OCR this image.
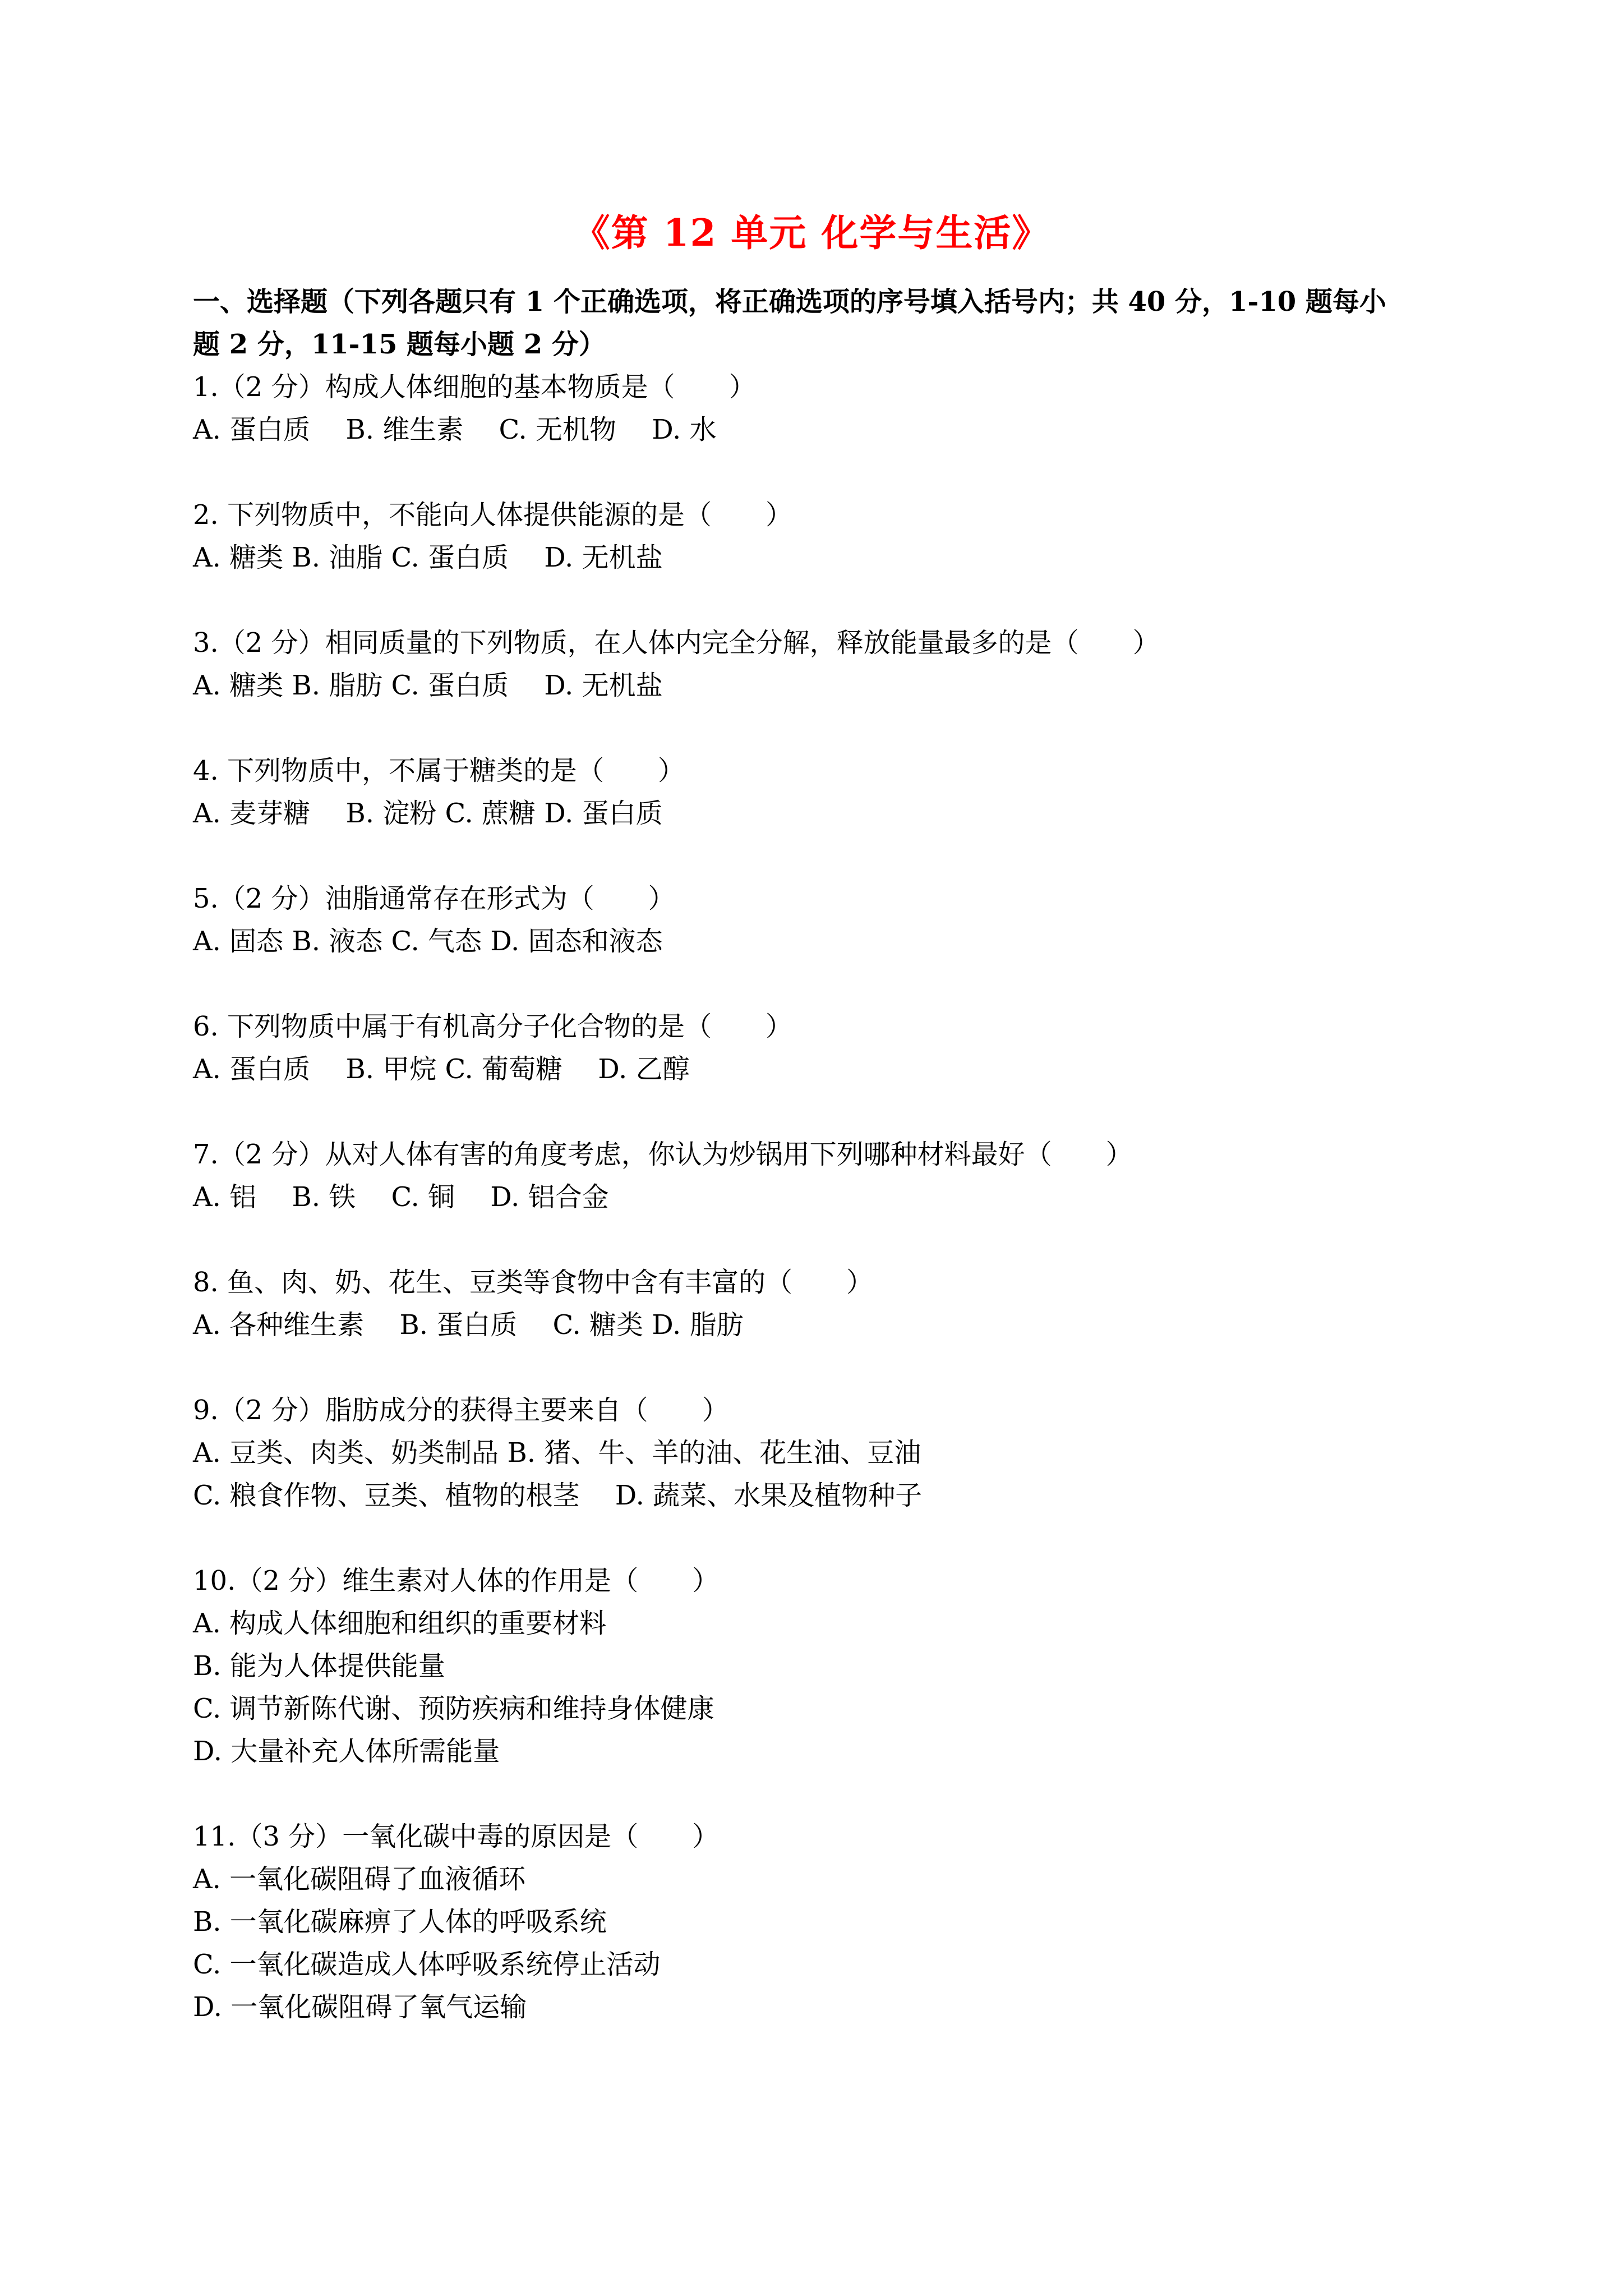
《第 12 单元 化学与生活》
一、选择题（下列各题只有 1 个正确选项，将正确选项的序号填入括号内；共 40 分，1-10 题每小
题 2 分，11-15 题每小题 2 分）
1.（2 分）构成人体细胞的基本物质是（　　）
A. 蛋白质　 B. 维生素　 C. 无机物　 D. 水
2. 下列物质中，不能向人体提供能源的是（　　）
A. 糖类 B. 油脂 C. 蛋白质　 D. 无机盐
3.（2 分）相同质量的下列物质，在人体内完全分解，释放能量最多的是（　　）
A. 糖类 B. 脂肪 C. 蛋白质　 D. 无机盐
4. 下列物质中，不属于糖类的是（　　）
A. 麦芽糖　 B. 淀粉 C. 蔗糖 D. 蛋白质
5.（2 分）油脂通常存在形式为（　　）
A. 固态 B. 液态 C. 气态 D. 固态和液态
6. 下列物质中属于有机高分子化合物的是（　　）
A. 蛋白质　 B. 甲烷 C. 葡萄糖　 D. 乙醇
7.（2 分）从对人体有害的角度考虑，你认为炒锅用下列哪种材料最好（　　）
A. 铝　 B. 铁　 C. 铜　 D. 铝合金
8. 鱼、肉、奶、花生、豆类等食物中含有丰富的（　　）
A. 各种维生素　 B. 蛋白质　 C. 糖类 D. 脂肪
9.（2 分）脂肪成分的获得主要来自（　　）
A. 豆类、肉类、奶类制品 B. 猪、牛、羊的油、花生油、豆油
C. 粮食作物、豆类、植物的根茎　 D. 蔬菜、水果及植物种子
10.（2 分）维生素对人体的作用是（　　）
A. 构成人体细胞和组织的重要材料
B. 能为人体提供能量
C. 调节新陈代谢、预防疾病和维持身体健康
D. 大量补充人体所需能量
11.（3 分）一氧化碳中毒的原因是（　　）
A. 一氧化碳阻碍了血液循环
B. 一氧化碳麻痹了人体的呼吸系统
C. 一氧化碳造成人体呼吸系统停止活动
D. 一氧化碳阻碍了氧气运输
